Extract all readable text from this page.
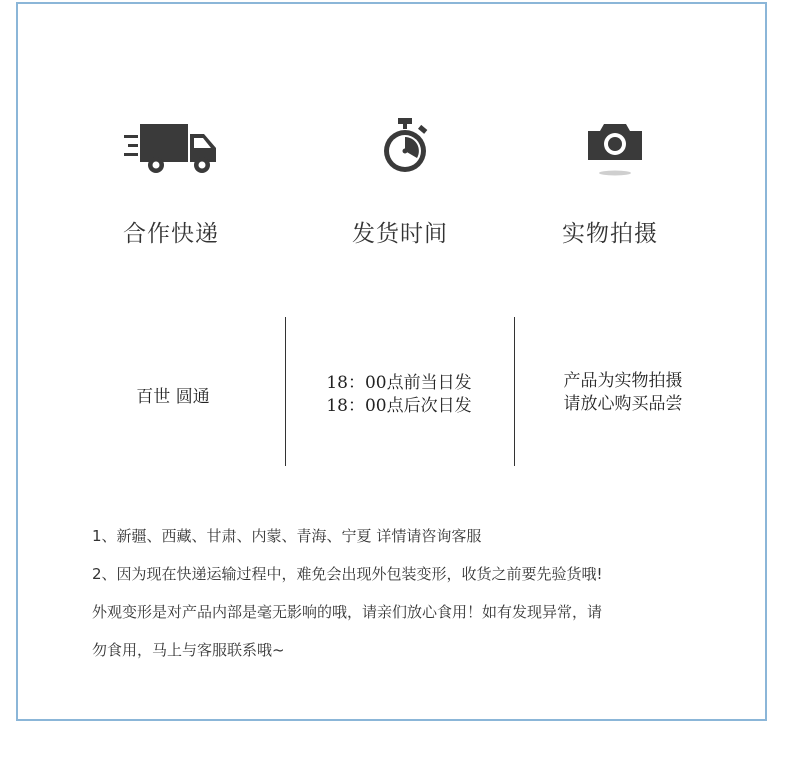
合作快递	发货时间	实物拍摄
百世 圆通
18：00点前当日发
18：00点后次日发
产品为实物拍摄
请放心购买品尝

1、新疆、西藏、甘肃、内蒙、青海、宁夏 详情请咨询客服

2、因为现在快递运输过程中，难免会出现外包装变形，收货之前要先验货哦!

外观变形是对产品内部是毫无影响的哦，请亲们放心食用！如有发现异常，请

勿食用，马上与客服联系哦~
